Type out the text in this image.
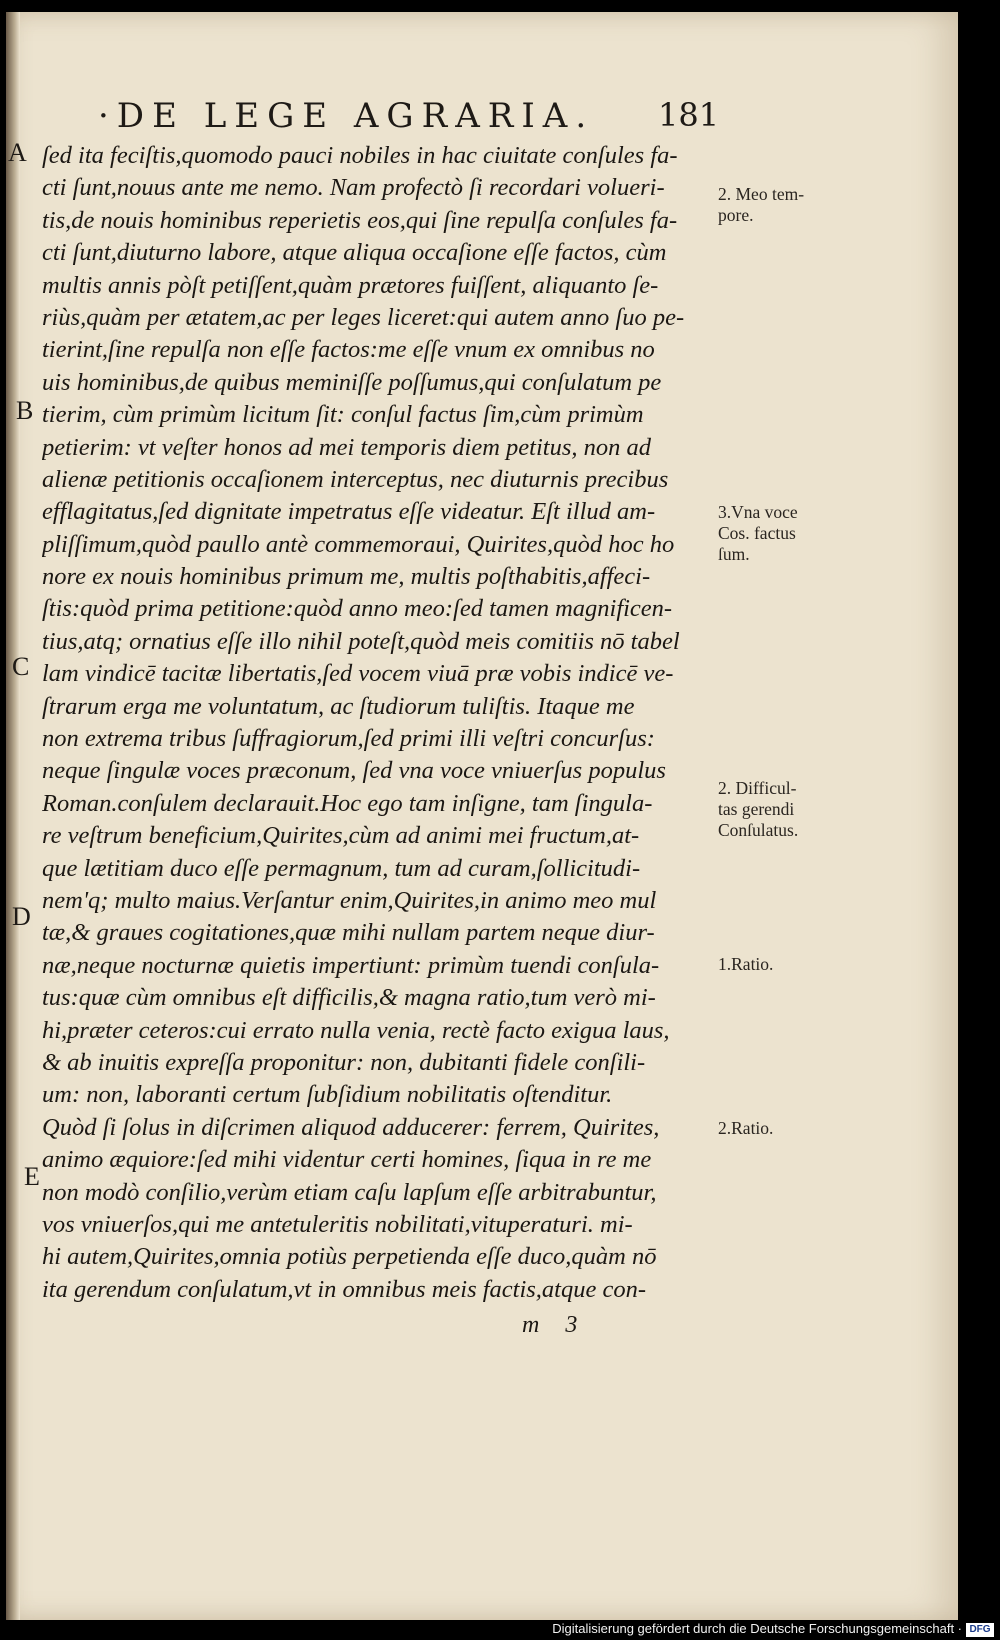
·DE LEGE AGRARIA.	181
A
B
C
D
E
ſed ita feciſtis,quomodo pauci nobiles in hac ciuitate conſules fa-
cti ſunt,nouus ante me nemo. Nam profectò ſi recordari volueri-
tis,de nouis hominibus reperietis eos,qui ſine repulſa conſules fa-
cti ſunt,diuturno labore, atque aliqua occaſione eſſe factos, cùm
multis annis pòſt petiſſent,quàm prætores fuiſſent, aliquanto ſe-
riùs,quàm per ætatem,ac per leges liceret:qui autem anno ſuo pe-
tierint,ſine repulſa non eſſe factos:me eſſe vnum ex omnibus no
uis hominibus,de quibus meminiſſe poſſumus,qui conſulatum pe
tierim, cùm primùm licitum ſit: conſul factus ſim,cùm primùm
petierim: vt veſter honos ad mei temporis diem petitus, non ad
alienæ petitionis occaſionem interceptus, nec diuturnis precibus
efflagitatus,ſed dignitate impetratus eſſe videatur. Eſt illud am-
pliſſimum,quòd paullo antè commemoraui, Quirites,quòd hoc ho
nore ex nouis hominibus primum me, multis poſthabitis,affeci-
ſtis:quòd prima petitione:quòd anno meo:ſed tamen magnificen-
tius,atq; ornatius eſſe illo nihil poteſt,quòd meis comitiis nō tabel
lam vindicē tacitæ libertatis,ſed vocem viuā præ vobis indicē ve-
ſtrarum erga me voluntatum, ac ſtudiorum tuliſtis. Itaque me
non extrema tribus ſuffragiorum,ſed primi illi veſtri concurſus:
neque ſingulæ voces præconum, ſed vna voce vniuerſus populus
Roman.conſulem declarauit.Hoc ego tam inſigne, tam ſingula-
re veſtrum beneficium,Quirites,cùm ad animi mei fructum,at-
que lætitiam duco eſſe permagnum, tum ad curam,ſollicitudi-
nem'q; multo maius.Verſantur enim,Quirites,in animo meo mul
tæ,& graues cogitationes,quæ mihi nullam partem neque diur-
næ,neque nocturnæ quietis impertiunt: primùm tuendi conſula-
tus:quæ cùm omnibus eſt difficilis,& magna ratio,tum verò mi-
hi,præter ceteros:cui errato nulla venia, rectè facto exigua laus,
& ab inuitis expreſſa proponitur: non, dubitanti fidele conſili-
um: non, laboranti certum ſubſidium nobilitatis oſtenditur.
Quòd ſi ſolus in diſcrimen aliquod adducerer: ferrem, Quirites,
animo æquiore:ſed mihi videntur certi homines, ſiqua in re me
non modò conſilio,verùm etiam caſu lapſum eſſe arbitrabuntur,
vos vniuerſos,qui me antetuleritis nobilitati,vituperaturi. mi-
hi autem,Quirites,omnia potiùs perpetienda eſſe duco,quàm nō
ita gerendum conſulatum,vt in omnibus meis factis,atque con-
2. Meo tem-
pore.
3.Vna voce
Cos. factus
ſum.
2. Difficul-
tas gerendi
Conſulatus.
1.Ratio.
2.Ratio.
m 3
Digitalisierung gefördert durch die Deutsche Forschungsgemeinschaft · DFG
